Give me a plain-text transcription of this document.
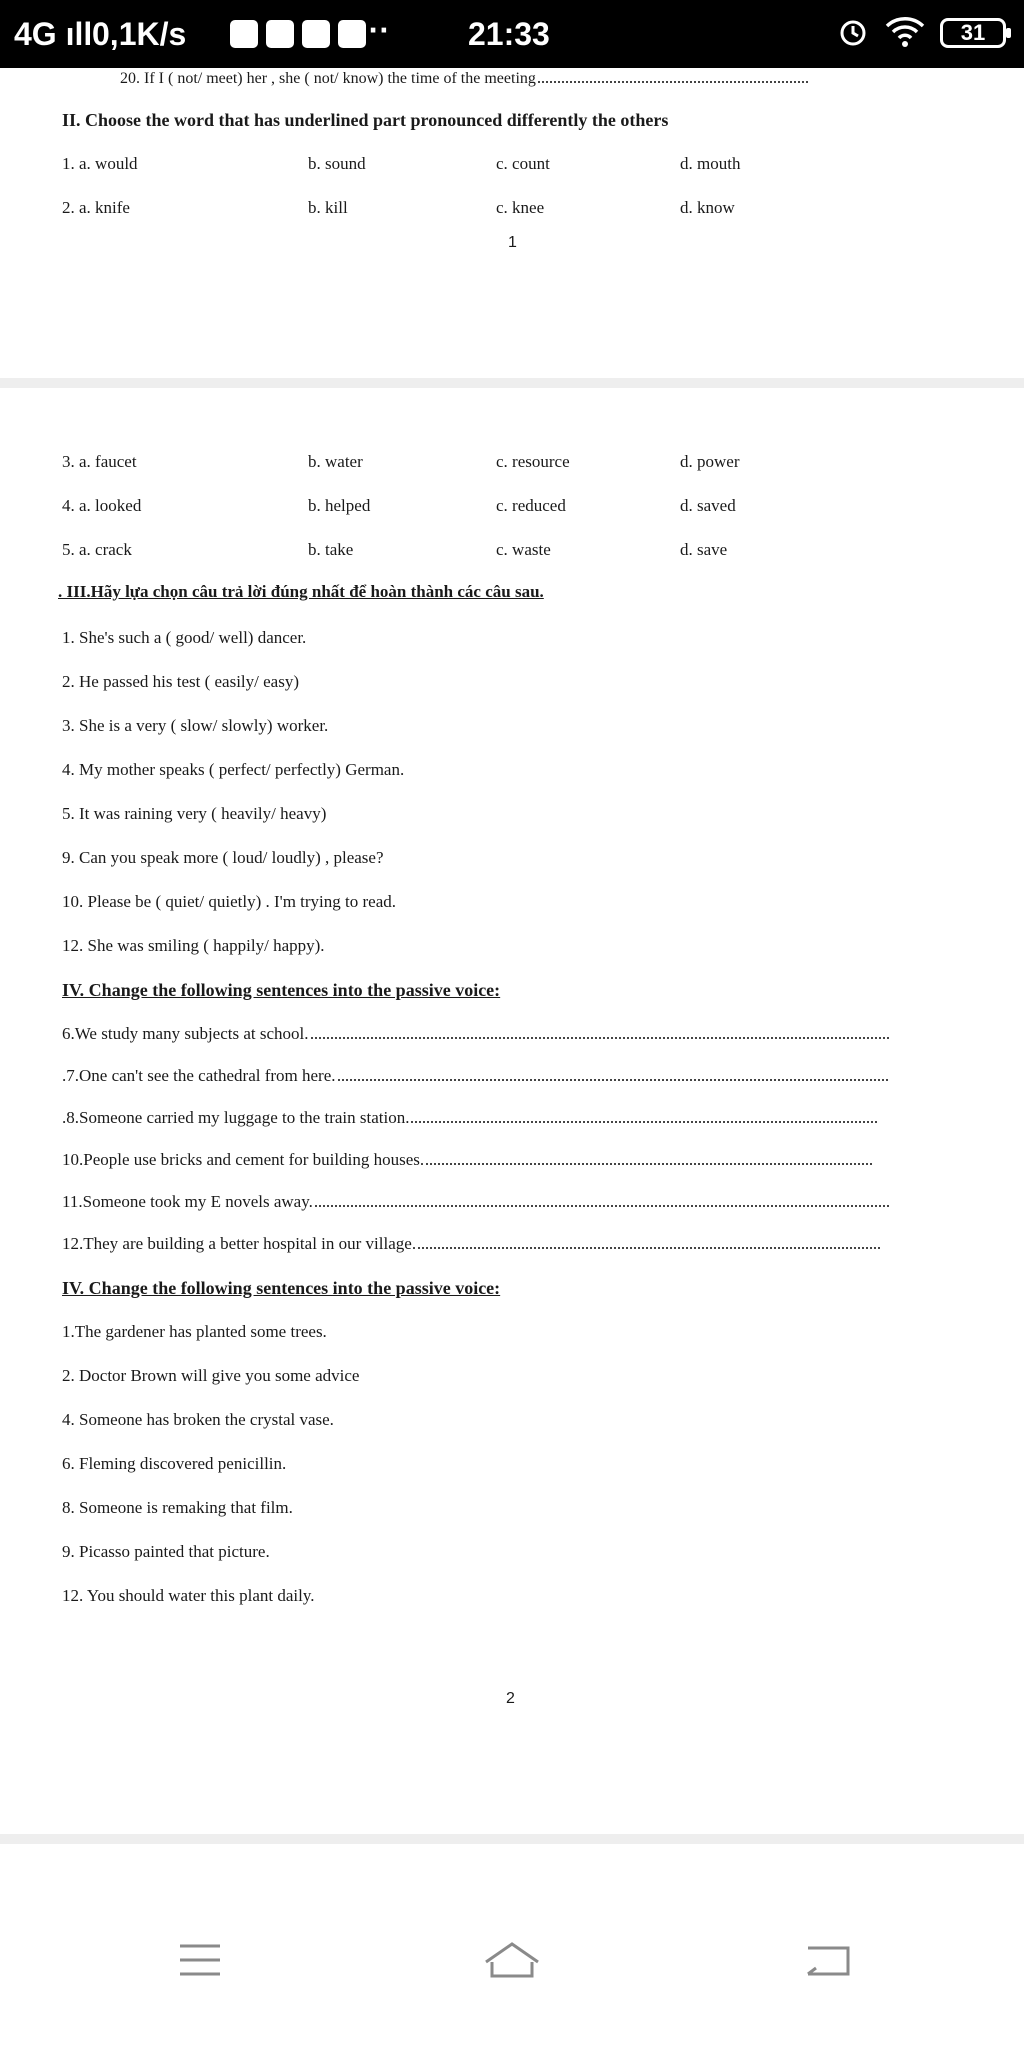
4G ıll 0,1K/s	··· 21:33	31
20. If I ( not/ meet) her , she ( not/ know) the time of the meeting
II. Choose the word that has underlined part pronounced differently the others
1. a. would	b. sound	c. count	d. mouth
2. a. knife	b. kill	c. knee	d. know
1
3. a. faucet	b. water	c. resource	d. power
4. a. looked	b. helped	c. reduced	d. saved
5. a. crack	b. take	c. waste	d. save
. III.Hãy lựa chọn câu trả lời đúng nhất để hoàn thành các câu sau.
1. She's such a ( good/ well) dancer.
2. He passed his test ( easily/ easy)
3. She is a very ( slow/ slowly) worker.
4. My mother speaks ( perfect/ perfectly) German.
5. It was raining very ( heavily/ heavy)
9. Can you speak more ( loud/ loudly) , please?
10. Please be ( quiet/ quietly) . I'm trying to read.
12. She was smiling ( happily/ happy).
IV. Change the following sentences into the passive voice:
6.We study many subjects at school.
.7.One can't see the cathedral from here.
.8.Someone carried my luggage to the train station.
10.People use bricks and cement for building houses.
11.Someone took my E novels away.
12.They are building a better hospital in our village.
IV. Change the following sentences into the passive voice:
1.The gardener has planted some trees.
2. Doctor Brown will give you some advice
4. Someone has broken the crystal vase.
6. Fleming discovered penicillin.
8. Someone is remaking that film.
9. Picasso painted that picture.
12. You should water this plant daily.
2
